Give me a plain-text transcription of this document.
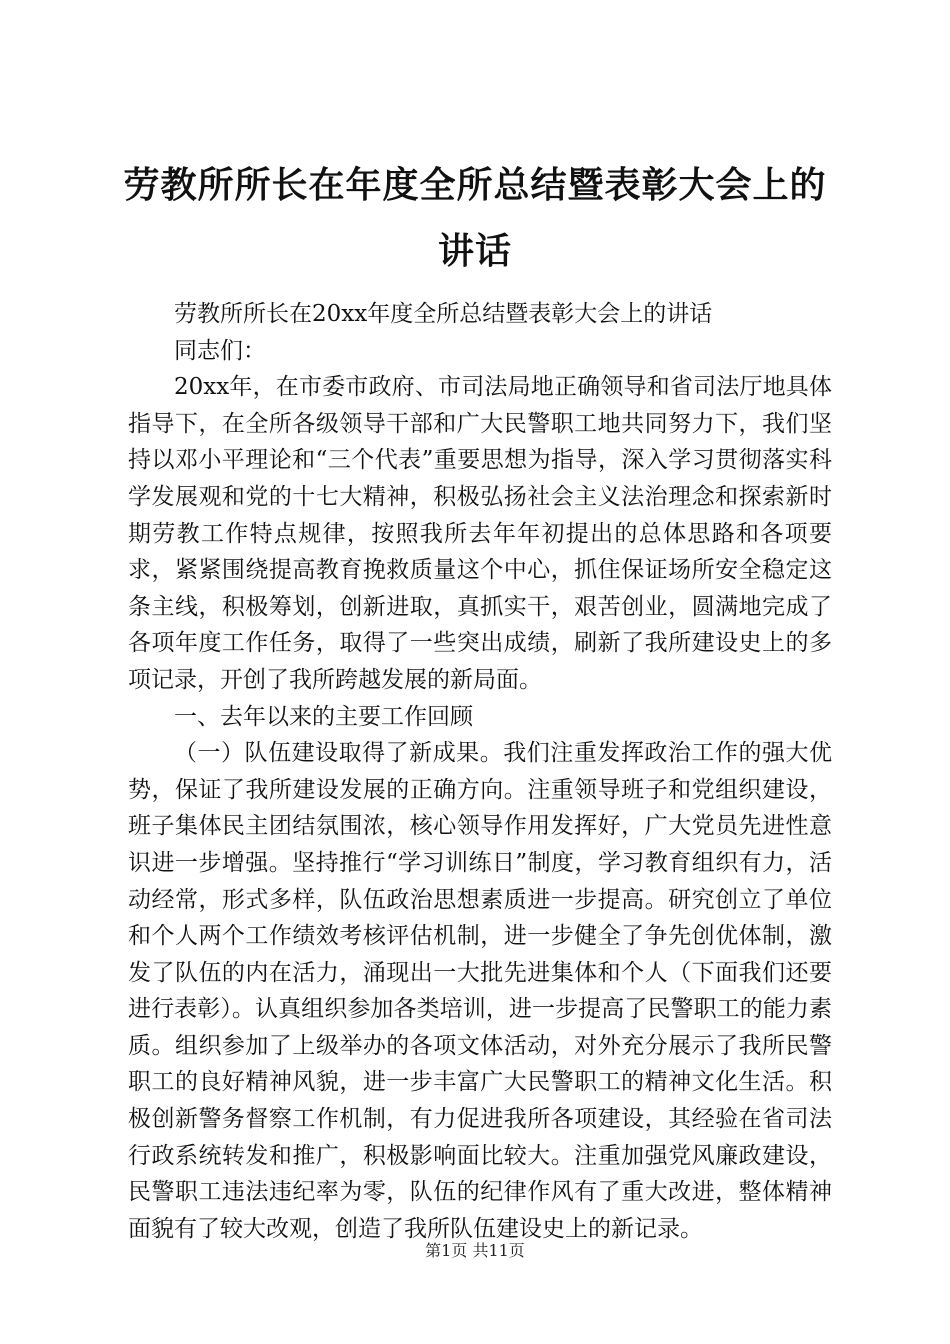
劳教所所长在年度全所总结暨表彰大会上的讲话

劳教所所长在20xx年度全所总结暨表彰大会上的讲话

同志们：

20xx年，在市委市政府、市司法局地正确领导和省司法厅地具体指导下，在全所各级领导干部和广大民警职工地共同努力下，我们坚持以邓小平理论和“三个代表”重要思想为指导，深入学习贯彻落实科学发展观和党的十七大精神，积极弘扬社会主义法治理念和探索新时期劳教工作特点规律，按照我所去年年初提出的总体思路和各项要求，紧紧围绕提高教育挽救质量这个中心，抓住保证场所安全稳定这条主线，积极筹划，创新进取，真抓实干，艰苦创业，圆满地完成了各项年度工作任务，取得了一些突出成绩，刷新了我所建设史上的多项记录，开创了我所跨越发展的新局面。

一、去年以来的主要工作回顾

（一）队伍建设取得了新成果。我们注重发挥政治工作的强大优势，保证了我所建设发展的正确方向。注重领导班子和党组织建设，班子集体民主团结氛围浓，核心领导作用发挥好，广大党员先进性意识进一步增强。坚持推行“学习训练日”制度，学习教育组织有力，活动经常，形式多样，队伍政治思想素质进一步提高。研究创立了单位和个人两个工作绩效考核评估机制，进一步健全了争先创优体制，激发了队伍的内在活力，涌现出一大批先进集体和个人（下面我们还要进行表彰）。认真组织参加各类培训，进一步提高了民警职工的能力素质。组织参加了上级举办的各项文体活动，对外充分展示了我所民警职工的良好精神风貌，进一步丰富广大民警职工的精神文化生活。积极创新警务督察工作机制，有力促进我所各项建设，其经验在省司法行政系统转发和推广，积极影响面比较大。注重加强党风廉政建设，民警职工违法违纪率为零，队伍的纪律作风有了重大改进，整体精神面貌有了较大改观，创造了我所队伍建设史上的新记录。

第1页 共11页
